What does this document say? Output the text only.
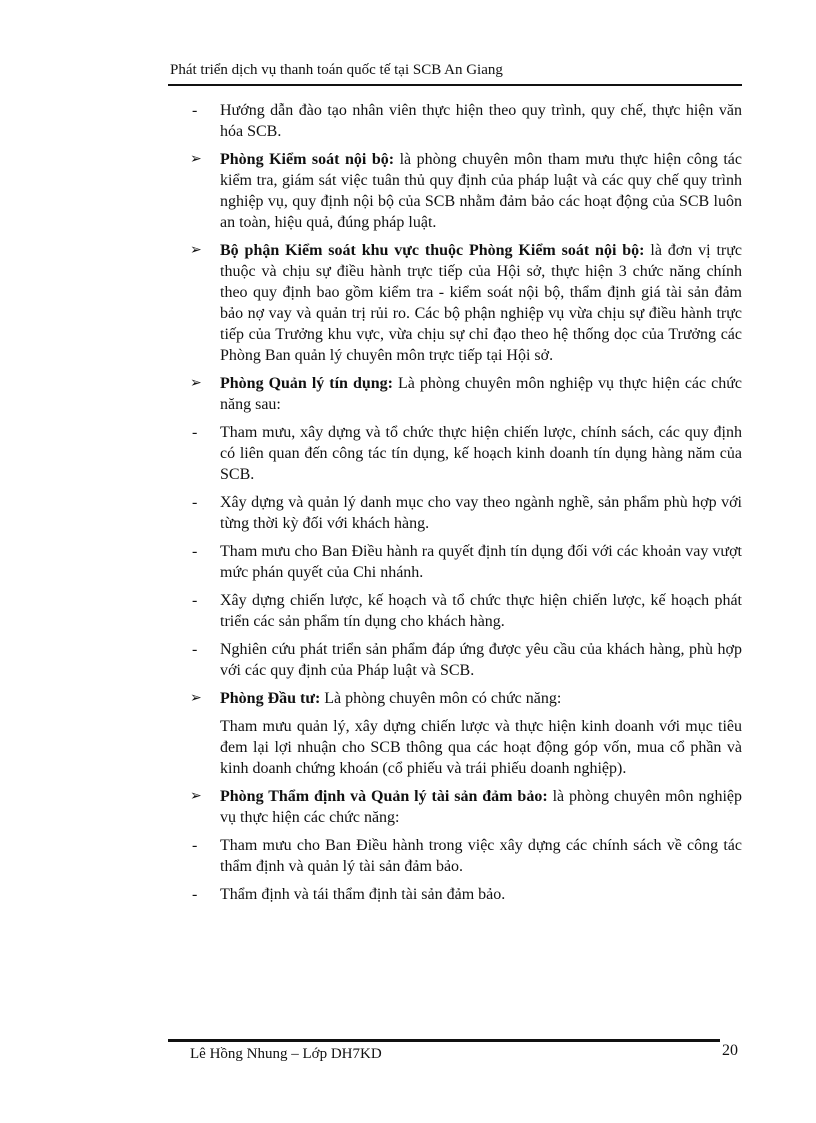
Phát triển dịch vụ thanh toán quốc tế tại SCB An Giang
- Hướng dẫn đào tạo nhân viên thực hiện theo quy trình, quy chế, thực hiện văn hóa SCB.
➢ Phòng Kiểm soát nội bộ: là phòng chuyên môn tham mưu thực hiện công tác kiểm tra, giám sát việc tuân thủ quy định của pháp luật và các quy chế quy trình nghiệp vụ, quy định nội bộ của SCB nhằm đảm bảo các hoạt động của SCB luôn an toàn, hiệu quả, đúng pháp luật.
➢ Bộ phận Kiểm soát khu vực thuộc Phòng Kiểm soát nội bộ: là đơn vị trực thuộc và chịu sự điều hành trực tiếp của Hội sở, thực hiện 3 chức năng chính theo quy định bao gồm kiểm tra - kiểm soát nội bộ, thẩm định giá tài sản đảm bảo nợ vay và quản trị rủi ro. Các bộ phận nghiệp vụ vừa chịu sự điều hành trực tiếp của Trưởng khu vực, vừa chịu sự chỉ đạo theo hệ thống dọc của Trưởng các Phòng Ban quản lý chuyên môn trực tiếp tại Hội sở.
➢ Phòng Quản lý tín dụng: Là phòng chuyên môn nghiệp vụ thực hiện các chức năng sau:
- Tham mưu, xây dựng và tổ chức thực hiện chiến lược, chính sách, các quy định có liên quan đến công tác tín dụng, kế hoạch kinh doanh tín dụng hàng năm của SCB.
- Xây dựng và quản lý danh mục cho vay theo ngành nghề, sản phẩm phù hợp với từng thời kỳ đối với khách hàng.
- Tham mưu cho Ban Điều hành ra quyết định tín dụng đối với các khoản vay vượt mức phán quyết của Chi nhánh.
- Xây dựng chiến lược, kế hoạch và tổ chức thực hiện chiến lược, kế hoạch phát triển các sản phẩm tín dụng cho khách hàng.
- Nghiên cứu phát triển sản phẩm đáp ứng được yêu cầu của khách hàng, phù hợp với các quy định của Pháp luật và SCB.
➢ Phòng Đầu tư: Là phòng chuyên môn có chức năng:
Tham mưu quản lý, xây dựng chiến lược và thực hiện kinh doanh với mục tiêu đem lại lợi nhuận cho SCB thông qua các hoạt động góp vốn, mua cổ phần và kinh doanh chứng khoán (cổ phiếu và trái phiếu doanh nghiệp).
➢ Phòng Thẩm định và Quản lý tài sản đảm bảo: là phòng chuyên môn nghiệp vụ thực hiện các chức năng:
- Tham mưu cho Ban Điều hành trong việc xây dựng các chính sách về công tác thẩm định và quản lý tài sản đảm bảo.
- Thẩm định và tái thẩm định tài sản đảm bảo.
Lê Hồng Nhung – Lớp DH7KD	20
